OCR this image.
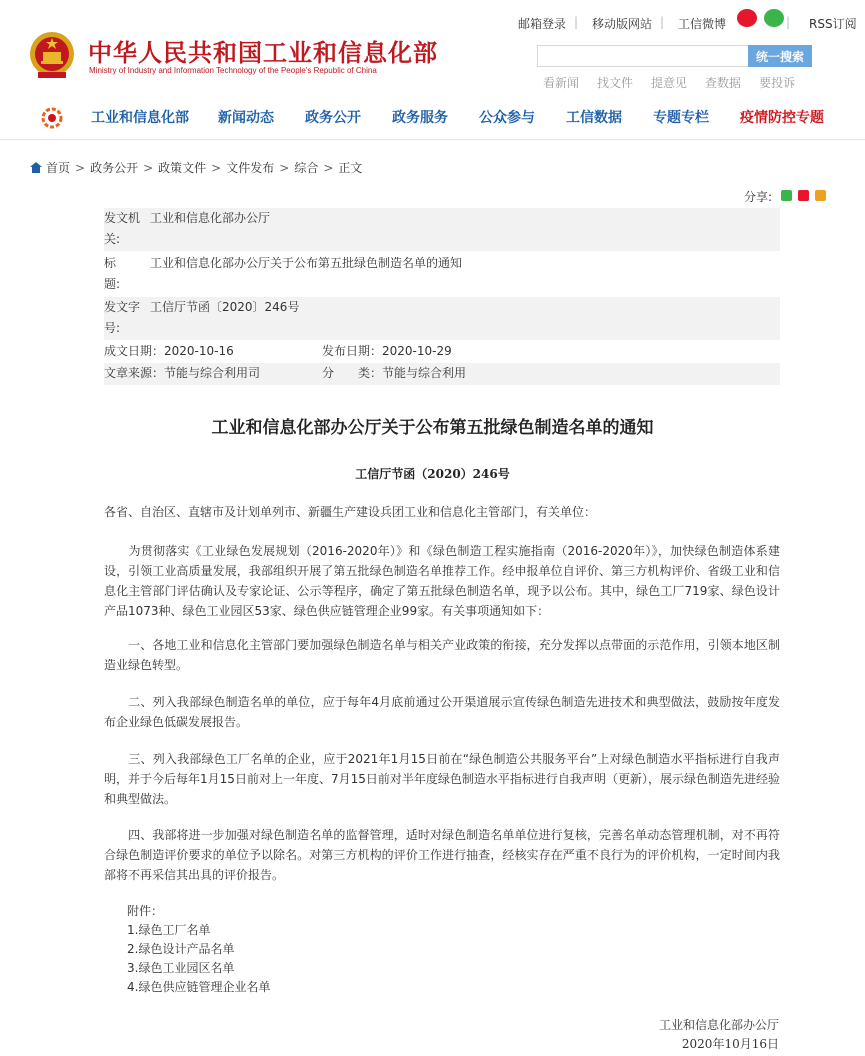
中华人民共和国工业和信息化部
Ministry of Industry and Information Technology of the People's Republic of China
邮箱登录 | 移动版网站 | 工信微博	| RSS订阅
统一搜索
看新闻 找文件 提意见 查数据 要投诉
工业和信息化部 新闻动态 政务公开 政务服务 公众参与 工信数据 专题专栏 疫情防控专题
首页 > 政务公开 > 政策文件 > 文件发布 > 综合 > 正文
分享:
发文机关:
工业和信息化部办公厅
标　　题:
工业和信息化部办公厅关于公布第五批绿色制造名单的通知
发文字号:
工信厅节函〔2020〕246号
成文日期：2020-10-16	发布日期：2020-10-29
文章来源：节能与综合利用司	分　　类：节能与综合利用
工业和信息化部办公厅关于公布第五批绿色制造名单的通知
工信厅节函（2020）246号
各省、自治区、直辖市及计划单列市、新疆生产建设兵团工业和信息化主管部门，有关单位：
　　为贯彻落实《工业绿色发展规划（2016-2020年）》和《绿色制造工程实施指南（2016-2020年）》，加快绿色制造体系建设，引领工业高质量发展，我部组织开展了第五批绿色制造名单推荐工作。经申报单位自评价、第三方机构评价、省级工业和信息化主管部门评估确认及专家论证、公示等程序，确定了第五批绿色制造名单，现予以公布。其中，绿色工厂719家、绿色设计产品1073种、绿色工业园区53家、绿色供应链管理企业99家。有关事项通知如下：
　　一、各地工业和信息化主管部门要加强绿色制造名单与相关产业政策的衔接，充分发挥以点带面的示范作用，引领本地区制造业绿色转型。
　　二、列入我部绿色制造名单的单位，应于每年4月底前通过公开渠道展示宣传绿色制造先进技术和典型做法，鼓励按年度发布企业绿色低碳发展报告。
　　三、列入我部绿色工厂名单的企业，应于2021年1月15日前在“绿色制造公共服务平台”上对绿色制造水平指标进行自我声明，并于今后每年1月15日前对上一年度、7月15日前对半年度绿色制造水平指标进行自我声明（更新），展示绿色制造先进经验和典型做法。
　　四、我部将进一步加强对绿色制造名单的监督管理，适时对绿色制造名单单位进行复核，完善名单动态管理机制，对不再符合绿色制造评价要求的单位予以除名。对第三方机构的评价工作进行抽查，经核实存在严重不良行为的评价机构，一定时间内我部将不再采信其出具的评价报告。
附件：
1.绿色工厂名单
2.绿色设计产品名单
3.绿色工业园区名单
4.绿色供应链管理企业名单
工业和信息化部办公厅
2020年10月16日
